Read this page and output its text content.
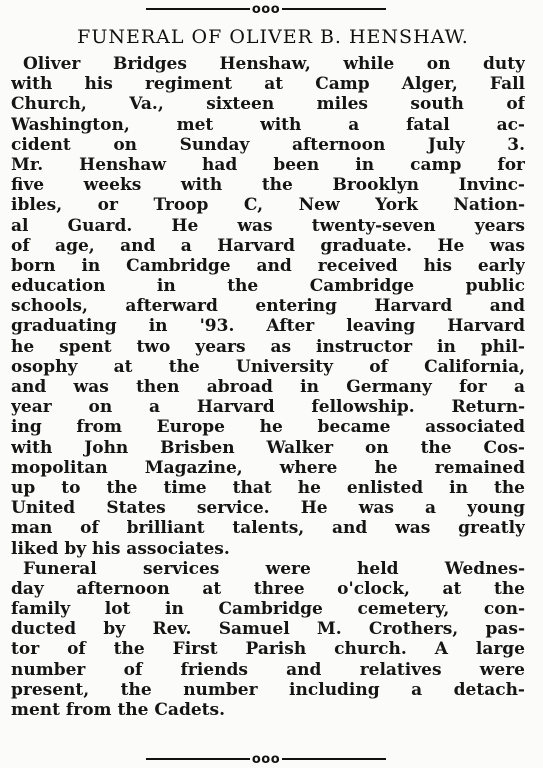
ooo
FUNERAL OF OLIVER B. HENSHAW.
Oliver Bridges Henshaw, while on duty
with his regiment at Camp Alger, Fall
Church, Va., sixteen miles south of
Washington, met with a fatal ac-
cident on Sunday afternoon July 3.
Mr. Henshaw had been in camp for
five weeks with the Brooklyn Invinc-
ibles, or Troop C, New York Nation-
al Guard. He was twenty-seven years
of age, and a Harvard graduate. He was
born in Cambridge and received his early
education in the Cambridge public
schools, afterward entering Harvard and
graduating in '93. After leaving Harvard
he spent two years as instructor in phil-
osophy at the University of California,
and was then abroad in Germany for a
year on a Harvard fellowship. Return-
ing from Europe he became associated
with John Brisben Walker on the Cos-
mopolitan Magazine, where he remained
up to the time that he enlisted in the
United States service. He was a young
man of brilliant talents, and was greatly
liked by his associates.
Funeral services were held Wednes-
day afternoon at three o'clock, at the
family lot in Cambridge cemetery, con-
ducted by Rev. Samuel M. Crothers, pas-
tor of the First Parish church. A large
number of friends and relatives were
present, the number including a detach-
ment from the Cadets.
ooo
